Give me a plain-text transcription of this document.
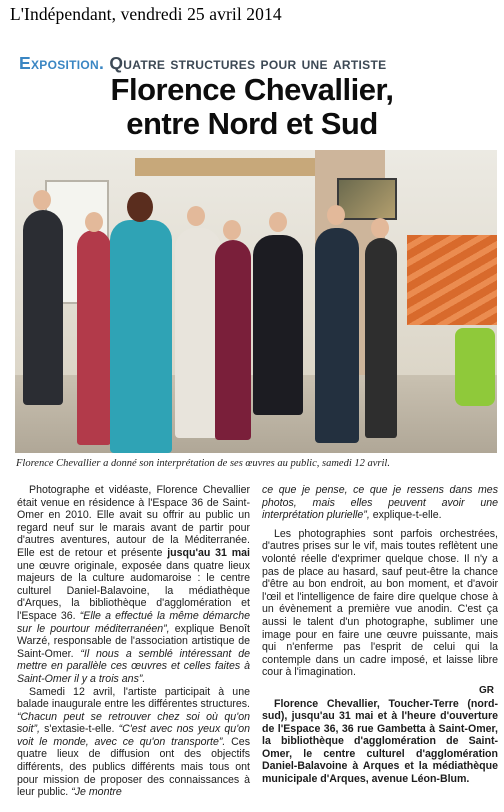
L'Indépendant, vendredi 25 avril 2014
Exposition. Quatre structures pour une artiste
Florence Chevallier,
entre Nord et Sud
Florence Chevallier a donné son interprétation de ses œuvres au public, samedi 12 avril.

Photographe et vidéaste, Florence Chevallier était venue en résidence à l'Espace 36 de Saint-Omer en 2010. Elle avait su offrir au public un regard neuf sur le marais avant de partir pour d'autres aventures, autour de la Méditerranée. Elle est de retour et présente jusqu'au 31 mai une œuvre originale, exposée dans quatre lieux majeurs de la culture audomaroise : le centre culturel Daniel-Balavoine, la médiathèque d'Arques, la bibliothèque d'agglomération et l'Espace 36. “Elle a effectué la même démarche sur le pourtour méditerranéen”, explique Benoît Warzé, responsable de l'association artistique de Saint-Omer. “Il nous a semblé intéressant de mettre en parallèle ces œuvres et celles faites à Saint-Omer il y a trois ans”.

Samedi 12 avril, l'artiste participait à une balade inaugurale entre les différentes structures. “Chacun peut se retrouver chez soi où qu'on soit”, s'extasie-t-elle. “C'est avec nos yeux qu'on voit le monde, avec ce qu'on transporte”. Ces quatre lieux de diffusion ont des objectifs différents, des publics différents mais tous ont pour mission de proposer des connaissances à leur public. “Je montre

ce que je pense, ce que je ressens dans mes photos, mais elles peuvent avoir une interprétation plurielle”, explique-t-elle.

Les photographies sont parfois orchestrées, d'autres prises sur le vif, mais toutes reflètent une volonté réelle d'exprimer quelque chose. Il n'y a pas de place au hasard, sauf peut-être la chance d'être au bon endroit, au bon moment, et d'avoir l'œil et l'intelligence de faire dire quelque chose à un évènement a première vue anodin. C'est ça aussi le talent d'un photographe, sublimer une image pour en faire une œuvre puissante, mais qui n'enferme pas l'esprit de celui qui la contemple dans un cadre imposé, et laisse libre cour à l'imagination.

GR

Florence Chevallier, Toucher-Terre (nord-sud), jusqu'au 31 mai et à l'heure d'ouverture de l'Espace 36, 36 rue Gambetta à Saint-Omer, la bibliothèque d'agglomération de Saint-Omer, le centre culturel d'agglomération Daniel-Balavoine à Arques et la médiathèque municipale d'Arques, avenue Léon-Blum.
